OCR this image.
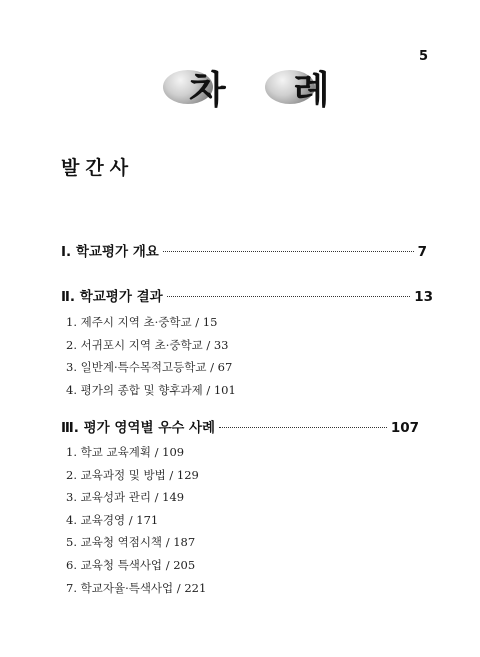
5
차 례
발간사
I. 학교평가 개요	7
Ⅱ. 학교평가 결과	13
1. 제주시 지역 초·중학교 / 15
2. 서귀포시 지역 초·중학교 / 33
3. 일반계·특수목적고등학교 / 67
4. 평가의 종합 및 향후과제 / 101
Ⅲ. 평가 영역별 우수 사례	107
1. 학교 교육계획 / 109
2. 교육과정 및 방법 / 129
3. 교육성과 관리 / 149
4. 교육경영 / 171
5. 교육청 역점시책 / 187
6. 교육청 특색사업 / 205
7. 학교자율·특색사업 / 221
